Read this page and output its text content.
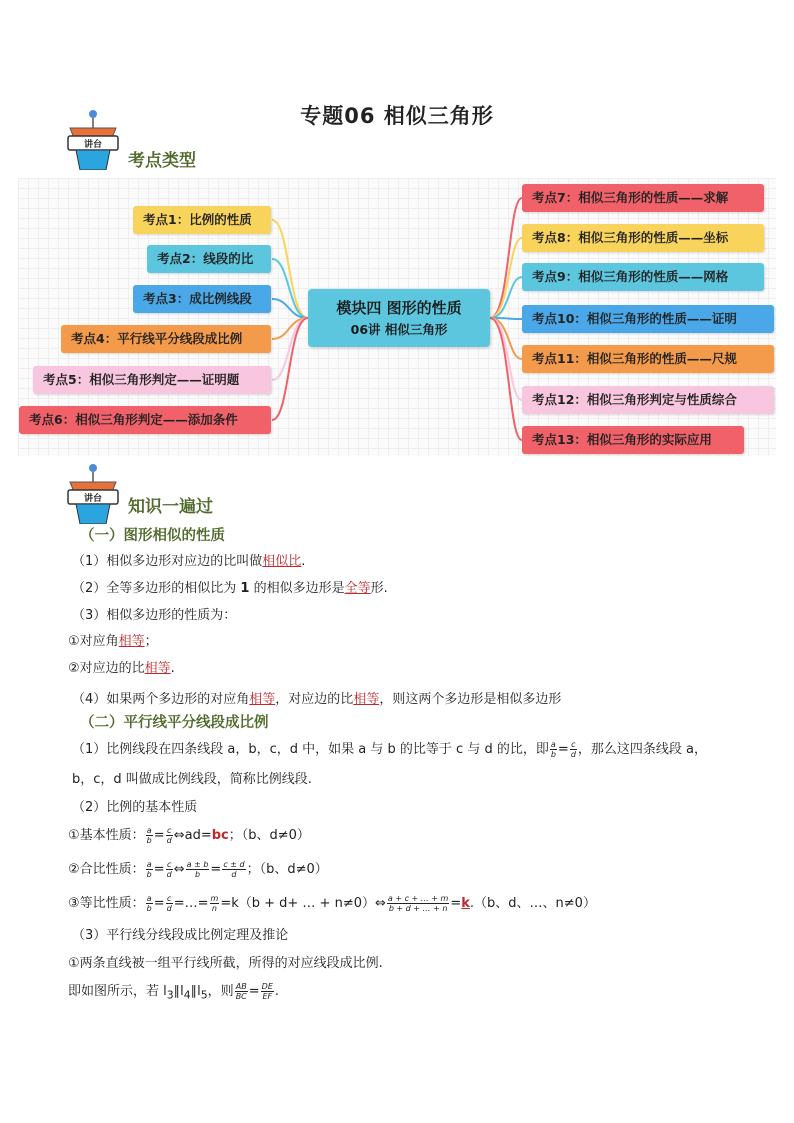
专题06 相似三角形
讲台
考点类型
模块四 图形的性质
06讲 相似三角形
考点1：比例的性质
考点2：线段的比
考点3：成比例线段
考点4：平行线平分线段成比例
考点5：相似三角形判定——证明题
考点6：相似三角形判定——添加条件
考点7：相似三角形的性质——求解
考点8：相似三角形的性质——坐标
考点9：相似三角形的性质——网格
考点10：相似三角形的性质——证明
考点11：相似三角形的性质——尺规
考点12：相似三角形判定与性质综合
考点13：相似三角形的实际应用
讲台 知识一遍过
（一）图形相似的性质
（1）相似多边形对应边的比叫做相似比.
（2）全等多边形的相似比为 1 的相似多边形是全等形.
（3）相似多边形的性质为：
①对应角相等；
②对应边的比相等.
（4）如果两个多边形的对应角相等，对应边的比相等，则这两个多边形是相似多边形
（二）平行线平分线段成比例
（1）比例线段在四条线段 a，b，c，d 中，如果 a 与 b 的比等于 c 与 d 的比，即 $\frac{a}{b} = \frac{c}{d}$ ，那么这四条线段 a，
b，c，d 叫做成比例线段，简称比例线段.
（2）比例的基本性质
①基本性质： $\frac{a}{b} = \frac{c}{d}$ ⇔ad=bc；（b、d≠0）
②合比性质： $\frac{a}{b} = \frac{c}{d}$ ⇔ $\frac{a \pm b}{b} = \frac{c \pm d}{d}$ ；（b、d≠0）
③等比性质： $\frac{a}{b} = \frac{c}{d}$ =…= $\frac{m}{n} =k(b + d+$ … + n≠0）⇔ $\frac{a + c + \dots + m}{b + d + \dots + n} =k.(b$、d、…、n≠0）
（3）平行线分线段成比例定理及推论
①两条直线被一组平行线所截，所得的对应线段成比例.
即如图所示，若 $l_3\parallel l_4\parallel l_5$，则 $\frac{AB}{BC} = \frac{DE}{EF}$ .
